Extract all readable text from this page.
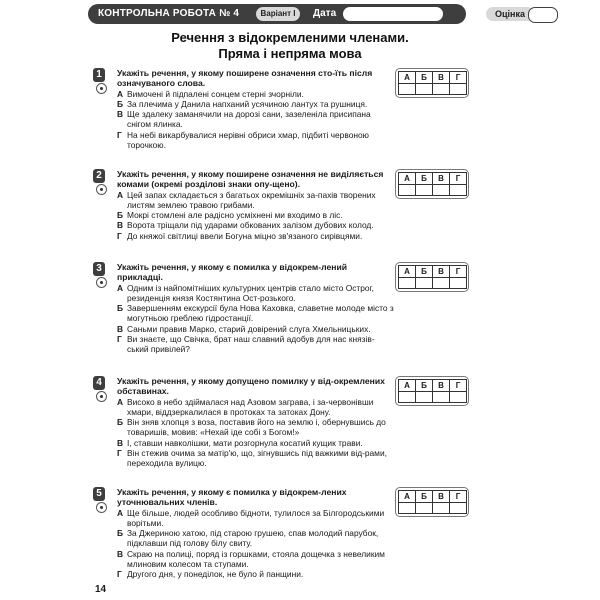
КОНТРОЛЬНА РОБОТА № 4	Варіант І	Дата	Оцінка
Речення з відокремленими членами.
Пряма і непряма мова
1	Укажіть речення, у якому поширене означення сто-їть після означуваного слова.
А Вимочені й підпалені сонцем стерні зчорніли.
Б За плечима у Данила напханий усячиною лантух та рушниця.
В Ще здалеку заманячили на дорозі сани, зазеленіла присипана снігом ялинка.
Г На небі викарбувалися нерівні обриси хмар, підбиті червоною торочкою.
А	Б	В	Г
2	Укажіть речення, у якому поширене означення не виділяється комами (окремі розділові знаки опу-щено).
А Цей запах складається з багатьох окремішніх за-пахів творених листям землею травою грибами.
Б Мокрі стомлені але радісно усміхнені ми входимо в ліс.
В Ворота тріщали під ударами обкованих залізом дубових колод.
Г До княжої світлиці ввели Богуна міцно зв'язаного сирівцями.
А	Б	В	Г
3	Укажіть речення, у якому є помилка у відокрем-лений прикладці.
А Одним із найпомітніших культурних центрів стало місто Острог, резиденція князя Костянтина Ост-розького.
Б Завершенням екскурсії була Нова Каховка, славетне молоде місто з могутньою греблею гідростанції.
В Саньми правив Марко, старий довірений слуга Хмельницьких.
Г Ви знаєте, що Свічка, брат наш славний адобув для нас князів-ський привілей?
А	Б	В	Г
4	Укажіть речення, у якому допущено помилку у від-окремлених обставинах.
А Високо в небо здіймалася над Азовом заграва, і за-червонівши хмари, віддзеркалилася в протоках та затоках Дону.
Б Він зняв хлопця з воза, поставив його на землю і, обернувшись до товаришів, мовив: «Нехай іде собі з Богом!»
В І, ставши навколішки, мати розгорнула косатий кущик трави.
Г Він стежив очима за матір'ю, що, зігнувшись під важкими від-рами, переходила вулицю.
А	Б	В	Г
5	Укажіть речення, у якому є помилка у відокрем-лених уточнювальних членів.
А Ще більше, людей особливо бідноти, тулилося за Білгородськими ворітьми.
Б За Джериною хатою, під старою грушею, спав молодий парубок, підклавши під голову білу свиту.
В Скраю на полиці, поряд із горшками, стояла дощечка з невеликим млиновим колесом та ступами.
Г Другого дня, у понеділок, не було й панщини.
А	Б	В	Г
14
